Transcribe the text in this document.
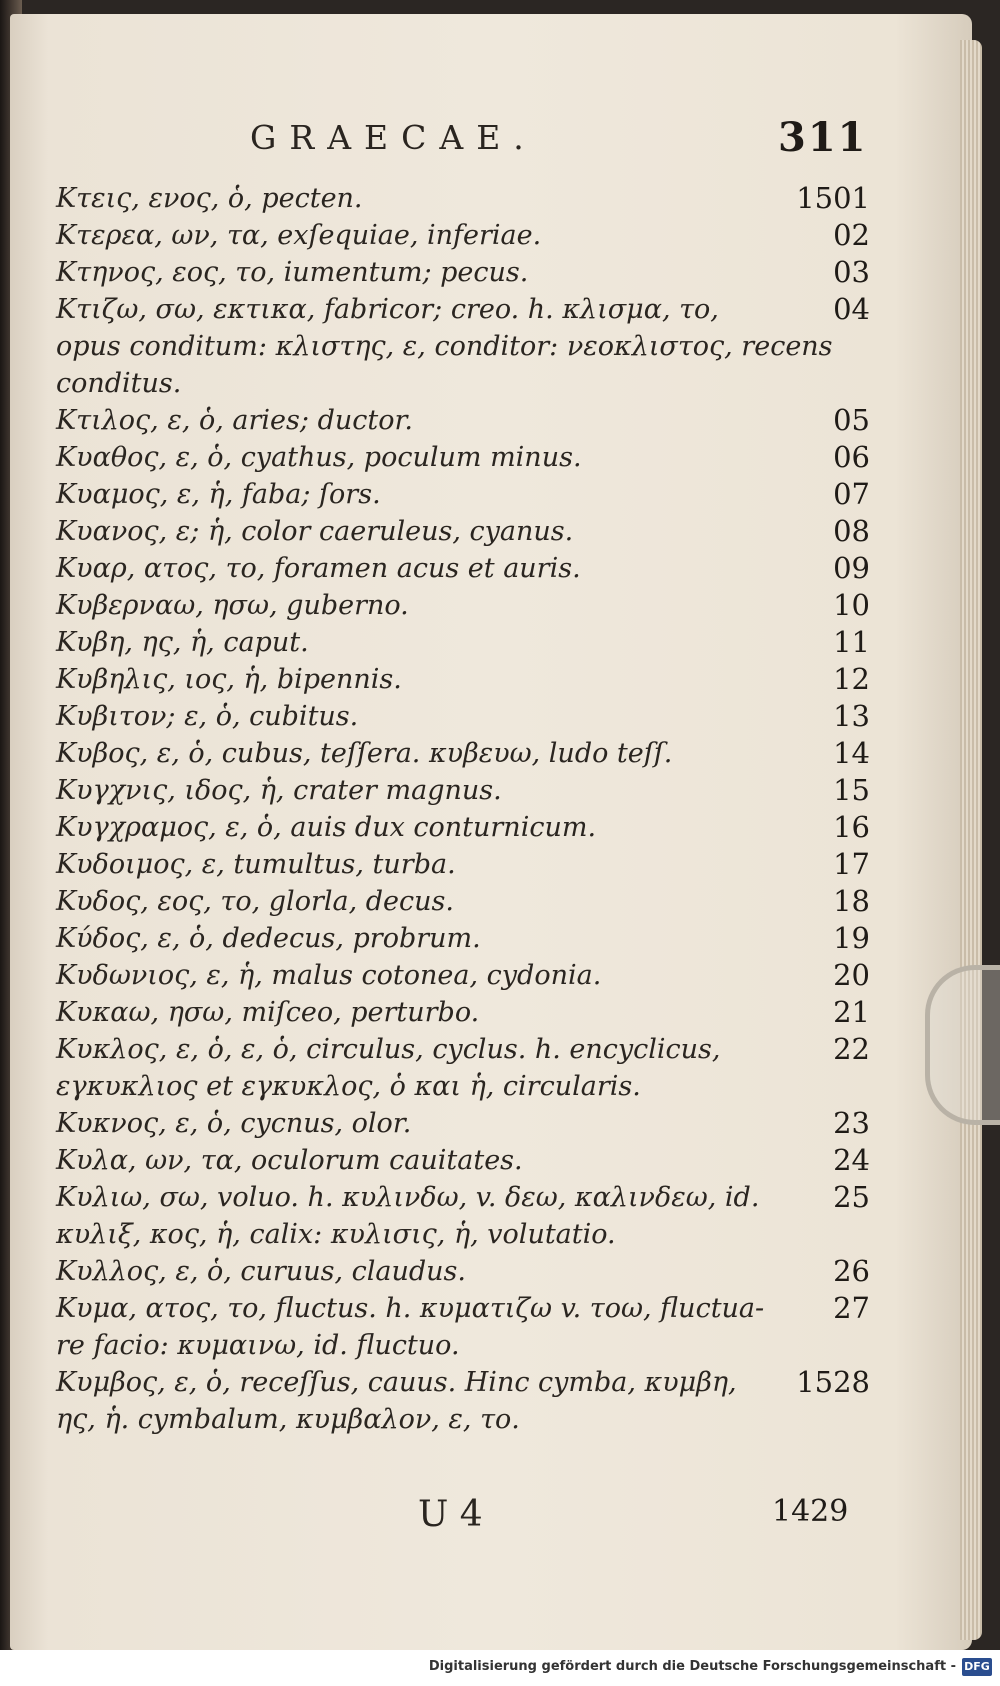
GRAECAE.	311
Κτεις, ενος, ὁ, pecten.	1501
Κτερεα, ων, τα, exſequiae, inferiae.	02
Κτηνος, εος, το, iumentum; pecus.	03
Κτιζω, σω, εκτικα, fabricor; creo. h. κλισμα, το,	04
opus conditum: κλιστης, ε, conditor: νεοκλιστος, recens conditus.
Κτιλος, ε, ὁ, aries; ductor.	05
Κυαθος, ε, ὁ, cyathus, poculum minus.	06
Κυαμος, ε, ἡ, faba; ſors.	07
Κυανος, ε; ἡ, color caeruleus, cyanus.	08
Κυαρ, ατος, το, foramen acus et auris.	09
Κυβερναω, ησω, guberno.	10
Κυβη, ης, ἡ, caput.	11
Κυβηλις, ιος, ἡ, bipennis.	12
Κυβιτον; ε, ὁ, cubitus.	13
Κυβος, ε, ὁ, cubus, teſſera. κυβευω, ludo teſſ.	14
Κυγχνις, ιδος, ἡ, crater magnus.	15
Κυγχραμος, ε, ὁ, auis dux conturnicum.	16
Κυδοιμος, ε, tumultus, turba.	17
Κυδος, εος, το, glorla, decus.	18
Κύδος, ε, ὁ, dedecus, probrum.	19
Κυδωνιος, ε, ἡ, malus cotonea, cydonia.	20
Κυκαω, ησω, miſceo, perturbo.	21
Κυκλος, ε, ὁ, ε, ὁ, circulus, cyclus. h. encyclicus,	22
εγκυκλιος et εγκυκλος, ὁ και ἡ, circularis.
Κυκνος, ε, ὁ, cycnus, olor.	23
Κυλα, ων, τα, oculorum cauitates.	24
Κυλιω, σω, voluo. h. κυλινδω, v. δεω, καλινδεω, id.	25
κυλιξ, κος, ἡ, calix: κυλισις, ἡ, volutatio.
Κυλλος, ε, ὁ, curuus, claudus.	26
Κυμα, ατος, το, fluctus. h. κυματιζω v. τοω, fluctua-	27
re facio: κυμαινω, id. fluctuo.
Κυμβος, ε, ὁ, receſſus, cauus. Hinc cymba, κυμβη,	1528
ης, ἡ. cymbalum, κυμβαλον, ε, το.
U 4	1429
Digitalisierung gefördert durch die Deutsche Forschungsgemeinschaft - DFG
